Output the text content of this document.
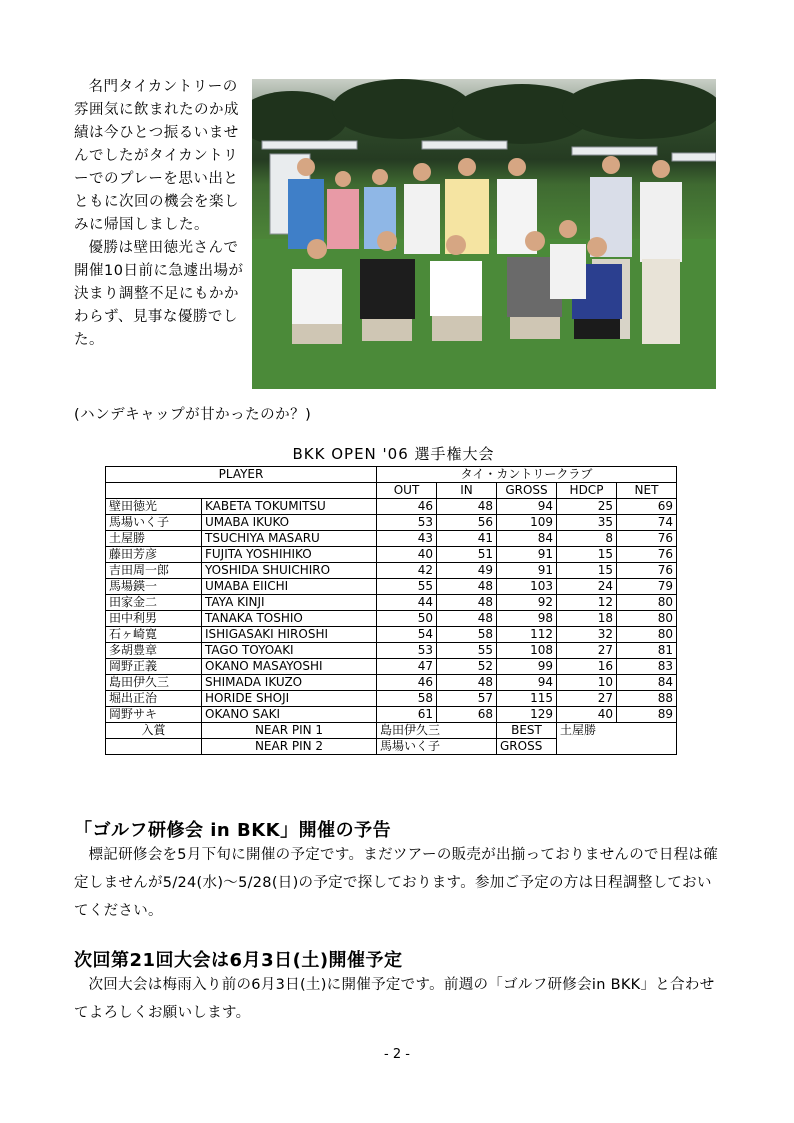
名門タイカントリーの雰囲気に飲まれたのか成績は今ひとつ振るいませんでしたがタイカントリーでのプレーを思い出とともに次回の機会を楽しみに帰国しました。

優勝は壁田徳光さんで開催10日前に急遽出場が決まり調整不足にもかかわらず、見事な優勝でした。

(ハンデキャップが甘かったのか？)

BKK OPEN '06 選手権大会
PLAYER		タイ・カントリークラブ				
		OUT	IN	GROSS	HDCP	NET
壁田徳光	KABETA TOKUMITSU	46	48	94	25	69
馬場いく子	UMABA IKUKO	53	56	109	35	74
土屋勝	TSUCHIYA MASARU	43	41	84	8	76
藤田芳彦	FUJITA YOSHIHIKO	40	51	91	15	76
吉田周一郎	YOSHIDA SHUICHIRO	42	49	91	15	76
馬場鍈一	UMABA EIICHI	55	48	103	24	79
田家金二	TAYA KINJI	44	48	92	12	80
田中利男	TANAKA TOSHIO	50	48	98	18	80
石ヶ崎寛	ISHIGASAKI HIROSHI	54	58	112	32	80
多胡豊章	TAGO TOYOAKI	53	55	108	27	81
岡野正義	OKANO MASAYOSHI	47	52	99	16	83
島田伊久三	SHIMADA IKUZO	46	48	94	10	84
堀出正治	HORIDE SHOJI	58	57	115	27	88
岡野サキ	OKANO SAKI	61	68	129	40	89
入賞	NEAR PIN 1	島田伊久三		BEST	土屋勝	
	NEAR PIN 2	馬場いく子		GROSS		
「ゴルフ研修会 in BKK」開催の予告

標記研修会を5月下旬に開催の予定です。まだツアーの販売が出揃っておりませんので日程は確定しませんが5/24(水)～5/28(日)の予定で探しております。参加ご予定の方は日程調整しておいてください。

次回第21回大会は6月3日(土)開催予定

次回大会は梅雨入り前の6月3日(土)に開催予定です。前週の「ゴルフ研修会in BKK」と合わせてよろしくお願いします。

- 2 -
